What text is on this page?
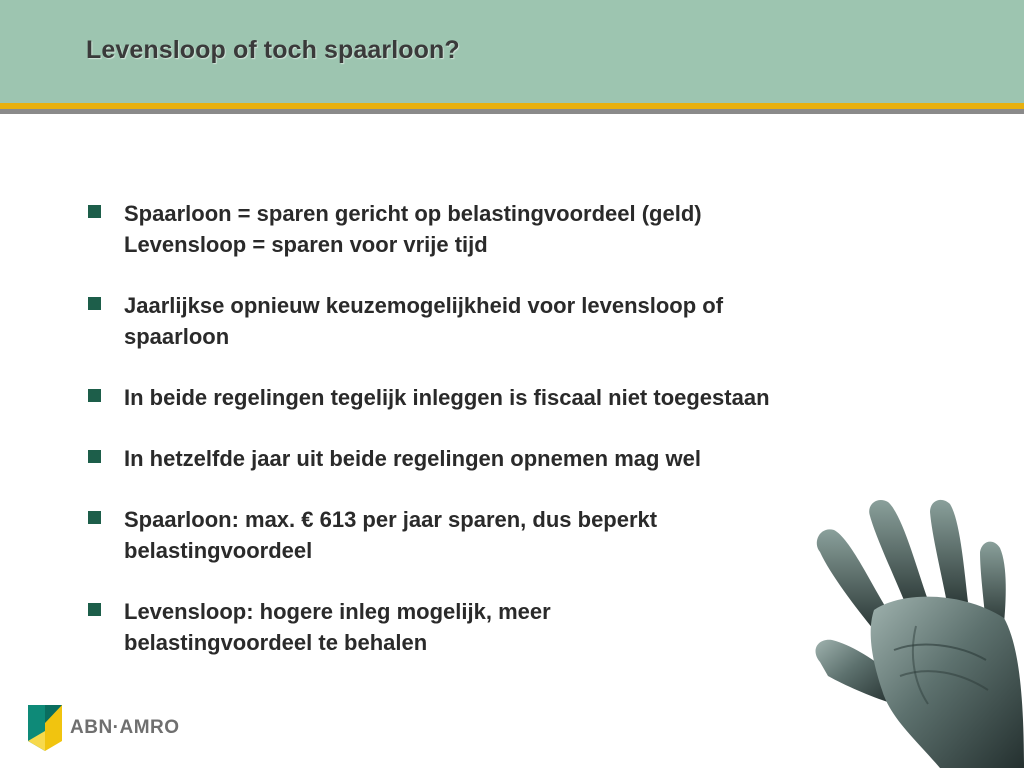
Levensloop of toch spaarloon?
Spaarloon = sparen gericht op belastingvoordeel (geld)
Levensloop = sparen voor vrije tijd
Jaarlijkse opnieuw keuzemogelijkheid voor levensloop of
spaarloon
In beide regelingen tegelijk inleggen is fiscaal niet toegestaan
In hetzelfde jaar uit beide regelingen opnemen mag wel
Spaarloon: max. € 613 per jaar sparen, dus beperkt
belastingvoordeel
Levensloop: hogere inleg mogelijk, meer
belastingvoordeel te behalen
ABN·AMRO
